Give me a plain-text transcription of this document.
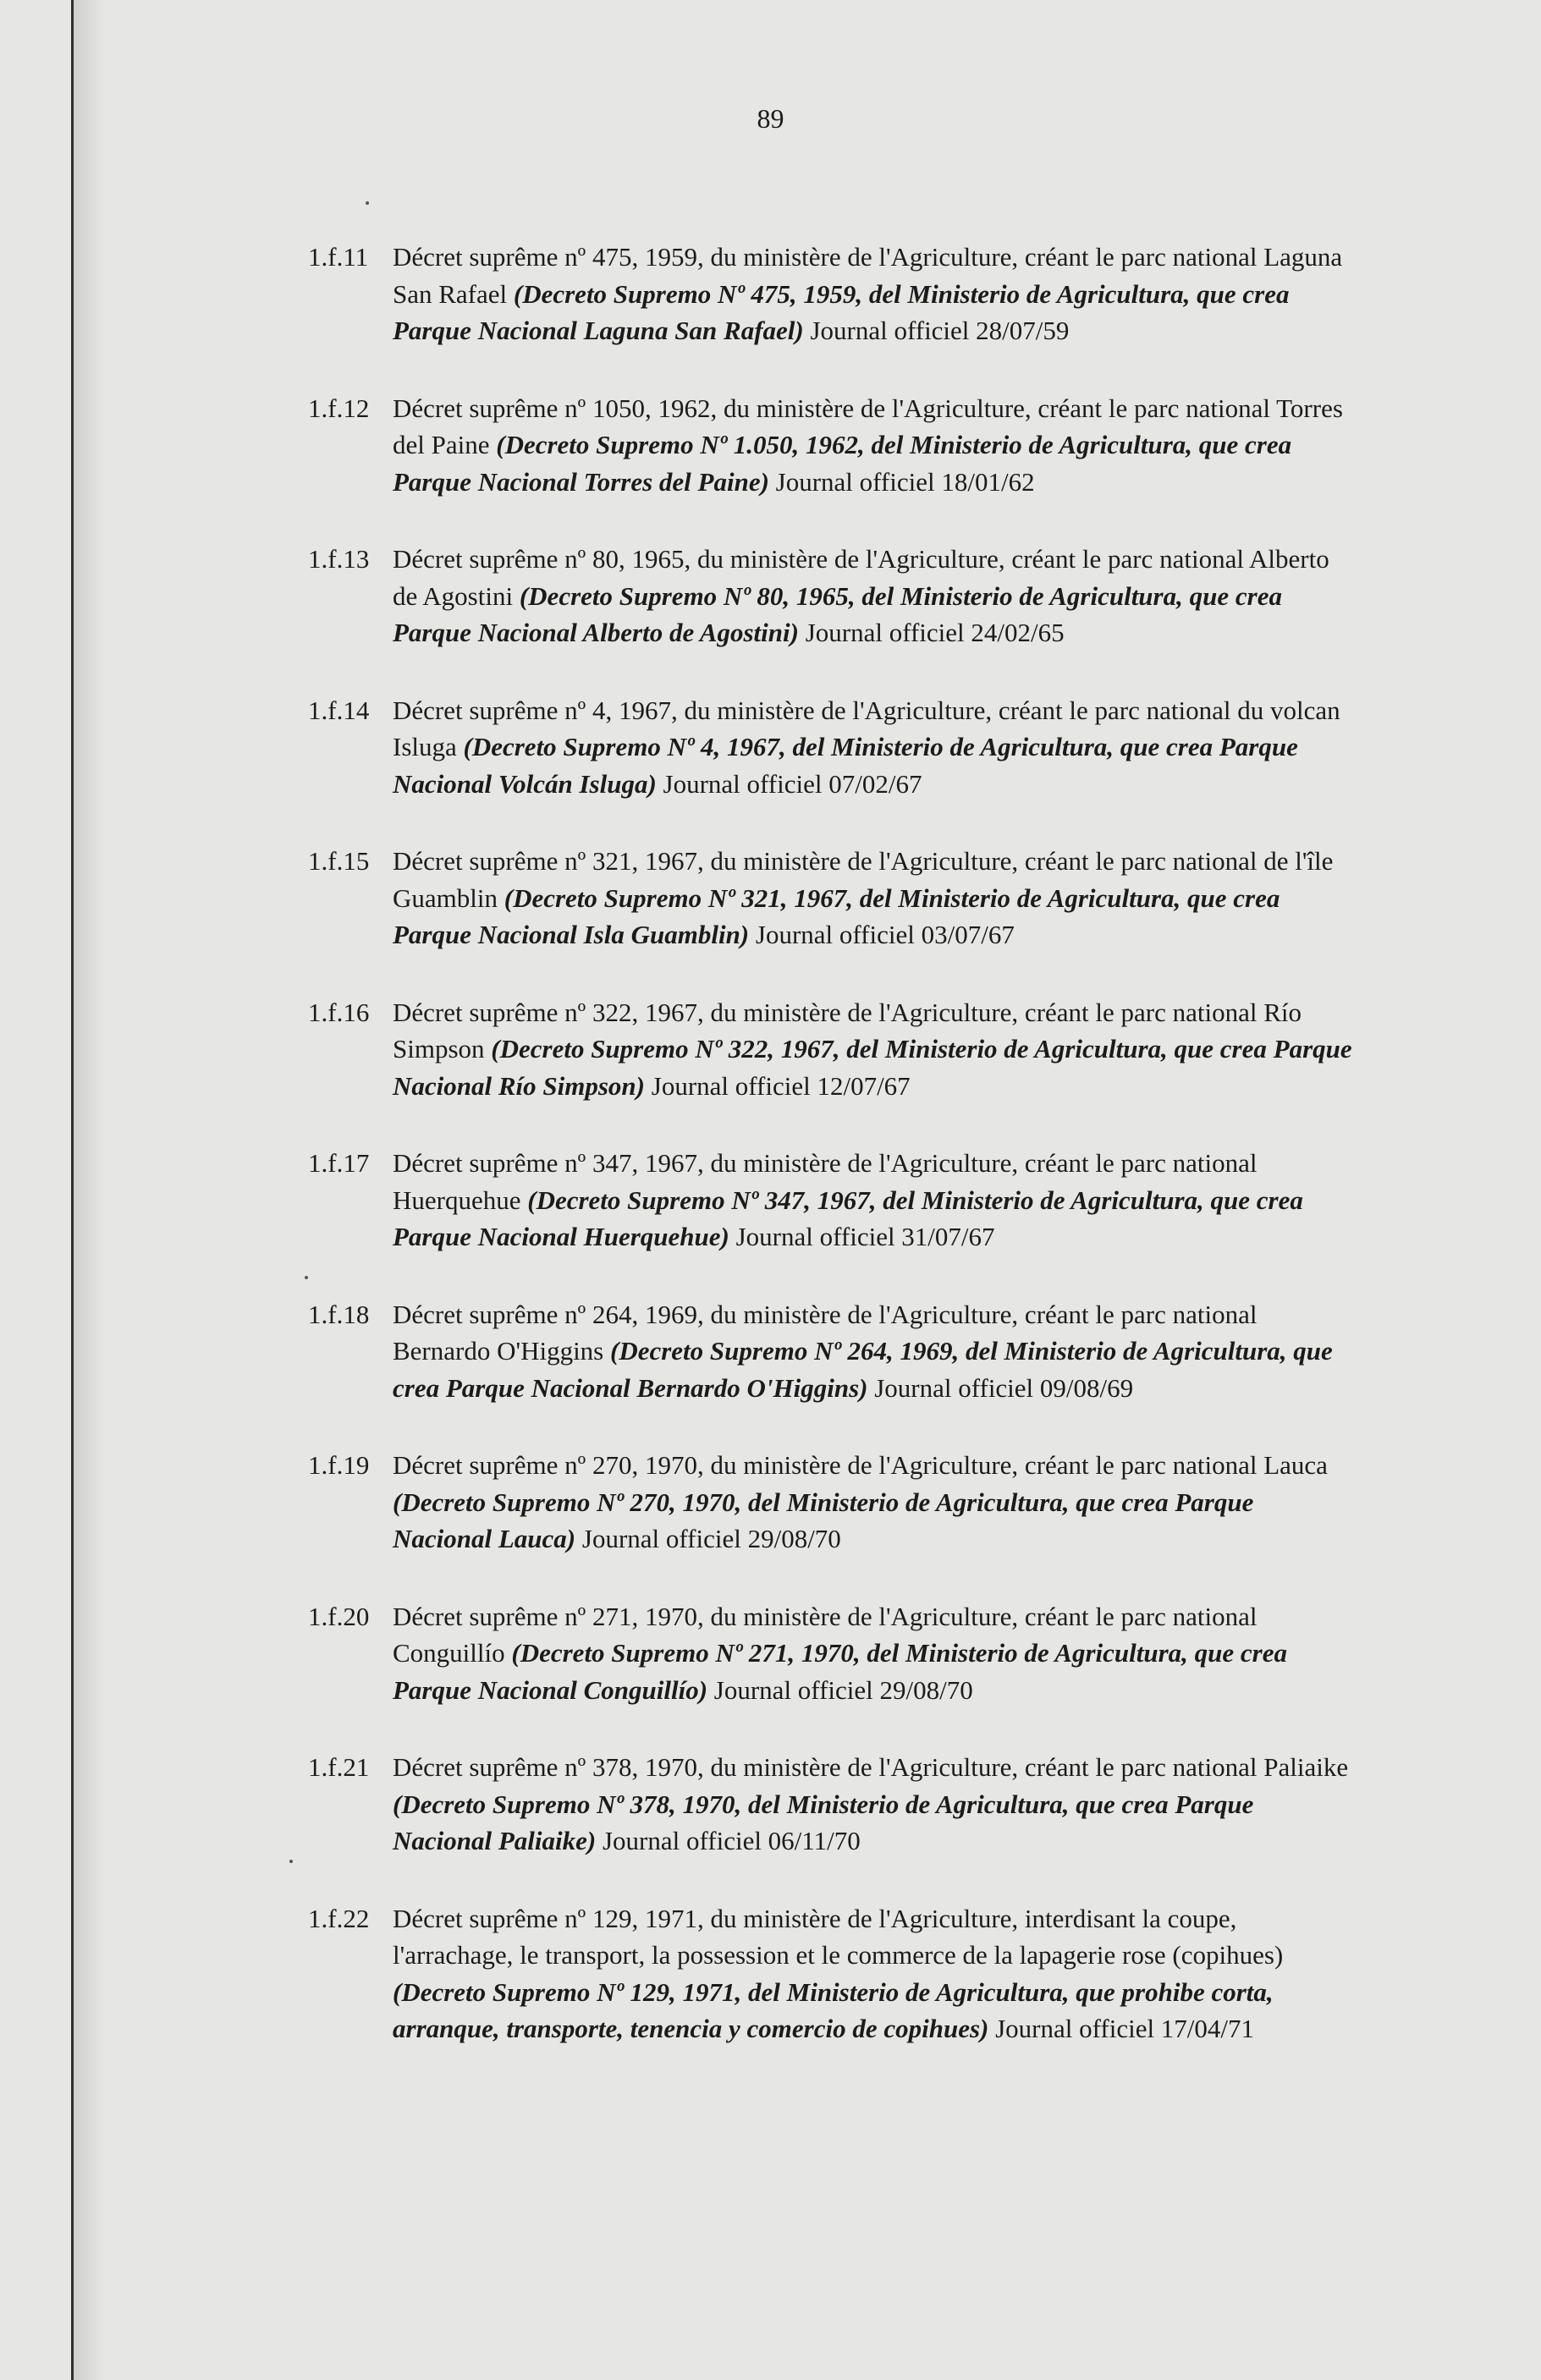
89
1.f.11 Décret suprême nº 475, 1959, du ministère de l'Agriculture, créant le parc national Laguna San Rafael (Decreto Supremo Nº 475, 1959, del Ministerio de Agricultura, que crea Parque Nacional Laguna San Rafael) Journal officiel 28/07/59
1.f.12 Décret suprême nº 1050, 1962, du ministère de l'Agriculture, créant le parc national Torres del Paine (Decreto Supremo Nº 1.050, 1962, del Ministerio de Agricultura, que crea Parque Nacional Torres del Paine) Journal officiel 18/01/62
1.f.13 Décret suprême nº 80, 1965, du ministère de l'Agriculture, créant le parc national Alberto de Agostini (Decreto Supremo Nº 80, 1965, del Ministerio de Agricultura, que crea Parque Nacional Alberto de Agostini) Journal officiel 24/02/65
1.f.14 Décret suprême nº 4, 1967, du ministère de l'Agriculture, créant le parc national du volcan Isluga (Decreto Supremo Nº 4, 1967, del Ministerio de Agricultura, que crea Parque Nacional Volcán Isluga) Journal officiel 07/02/67
1.f.15 Décret suprême nº 321, 1967, du ministère de l'Agriculture, créant le parc national de l'île Guamblin (Decreto Supremo Nº 321, 1967, del Ministerio de Agricultura, que crea Parque Nacional Isla Guamblin) Journal officiel 03/07/67
1.f.16 Décret suprême nº 322, 1967, du ministère de l'Agriculture, créant le parc national Río Simpson (Decreto Supremo Nº 322, 1967, del Ministerio de Agricultura, que crea Parque Nacional Río Simpson) Journal officiel 12/07/67
1.f.17 Décret suprême nº 347, 1967, du ministère de l'Agriculture, créant le parc national Huerquehue (Decreto Supremo Nº 347, 1967, del Ministerio de Agricultura, que crea Parque Nacional Huerquehue) Journal officiel 31/07/67
1.f.18 Décret suprême nº 264, 1969, du ministère de l'Agriculture, créant le parc national Bernardo O'Higgins (Decreto Supremo Nº 264, 1969, del Ministerio de Agricultura, que crea Parque Nacional Bernardo O'Higgins) Journal officiel 09/08/69
1.f.19 Décret suprême nº 270, 1970, du ministère de l'Agriculture, créant le parc national Lauca (Decreto Supremo Nº 270, 1970, del Ministerio de Agricultura, que crea Parque Nacional Lauca) Journal officiel 29/08/70
1.f.20 Décret suprême nº 271, 1970, du ministère de l'Agriculture, créant le parc national Conguillío (Decreto Supremo Nº 271, 1970, del Ministerio de Agricultura, que crea Parque Nacional Conguillío) Journal officiel 29/08/70
1.f.21 Décret suprême nº 378, 1970, du ministère de l'Agriculture, créant le parc national Paliaike (Decreto Supremo Nº 378, 1970, del Ministerio de Agricultura, que crea Parque Nacional Paliaike) Journal officiel 06/11/70
1.f.22 Décret suprême nº 129, 1971, du ministère de l'Agriculture, interdisant la coupe, l'arrachage, le transport, la possession et le commerce de la lapagerie rose (copihues) (Decreto Supremo Nº 129, 1971, del Ministerio de Agricultura, que prohibe corta, arranque, transporte, tenencia y comercio de copihues) Journal officiel 17/04/71
